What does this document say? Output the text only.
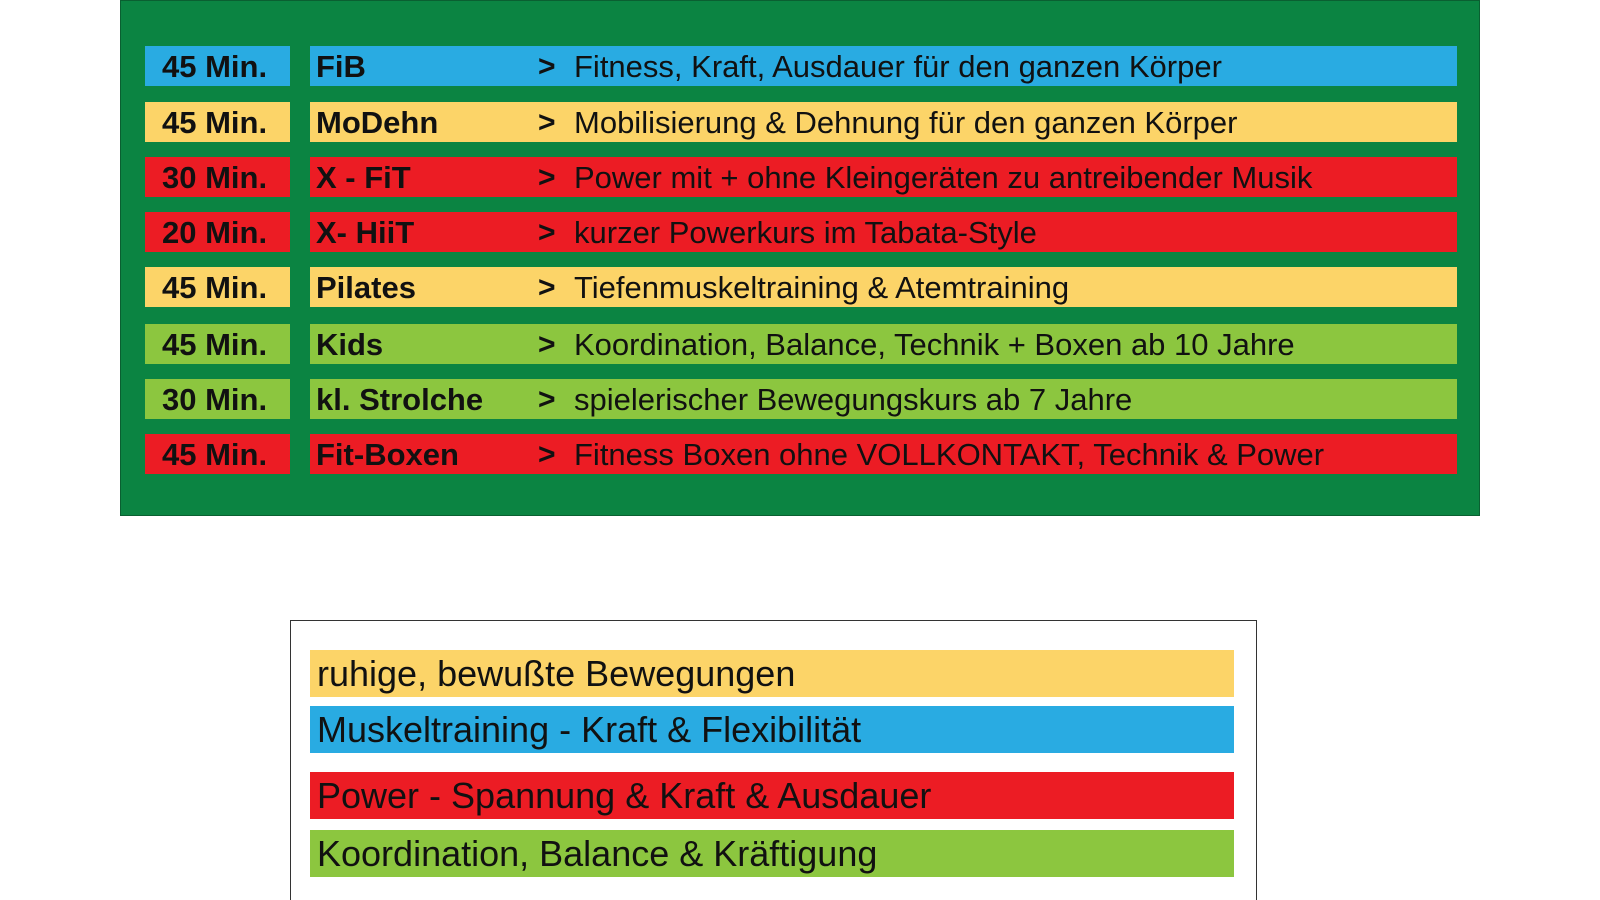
45 Min.	FiB	> Fitness, Kraft, Ausdauer für den ganzen Körper
45 Min.	MoDehn	> Mobilisierung & Dehnung für den ganzen Körper
30 Min.	X - FiT	> Power mit + ohne Kleingeräten zu antreibender Musik
20 Min.	X- HiiT	> kurzer Powerkurs im Tabata-Style
45 Min.	Pilates	> Tiefenmuskeltraining & Atemtraining
45 Min.	Kids	> Koordination, Balance, Technik + Boxen ab 10 Jahre
30 Min.	kl. Strolche > spielerischer Bewegungskurs ab 7 Jahre
45 Min.	Fit-Boxen	> Fitness Boxen ohne VOLLKONTAKT, Technik & Power
ruhige, bewußte Bewegungen
Muskeltraining - Kraft & Flexibilität
Power - Spannung & Kraft & Ausdauer
Koordination, Balance & Kräftigung
